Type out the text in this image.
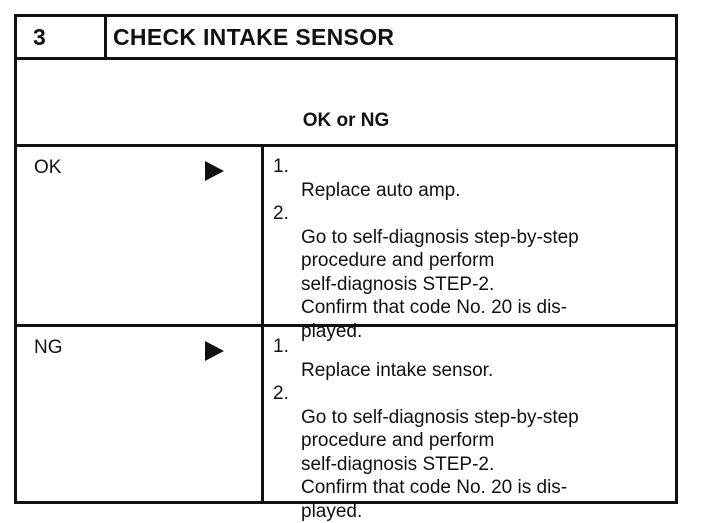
3	CHECK INTAKE SENSOR
OK or NG
OK	1.
Replace auto amp.

2.
Go to self-diagnosis step-by-step
procedure and perform
self-diagnosis STEP-2.
Confirm that code No. 20 is dis-
played.

NG	1.
Replace intake sensor.

2.
Go to self-diagnosis step-by-step
procedure and perform
self-diagnosis STEP-2.
Confirm that code No. 20 is dis-
played.
